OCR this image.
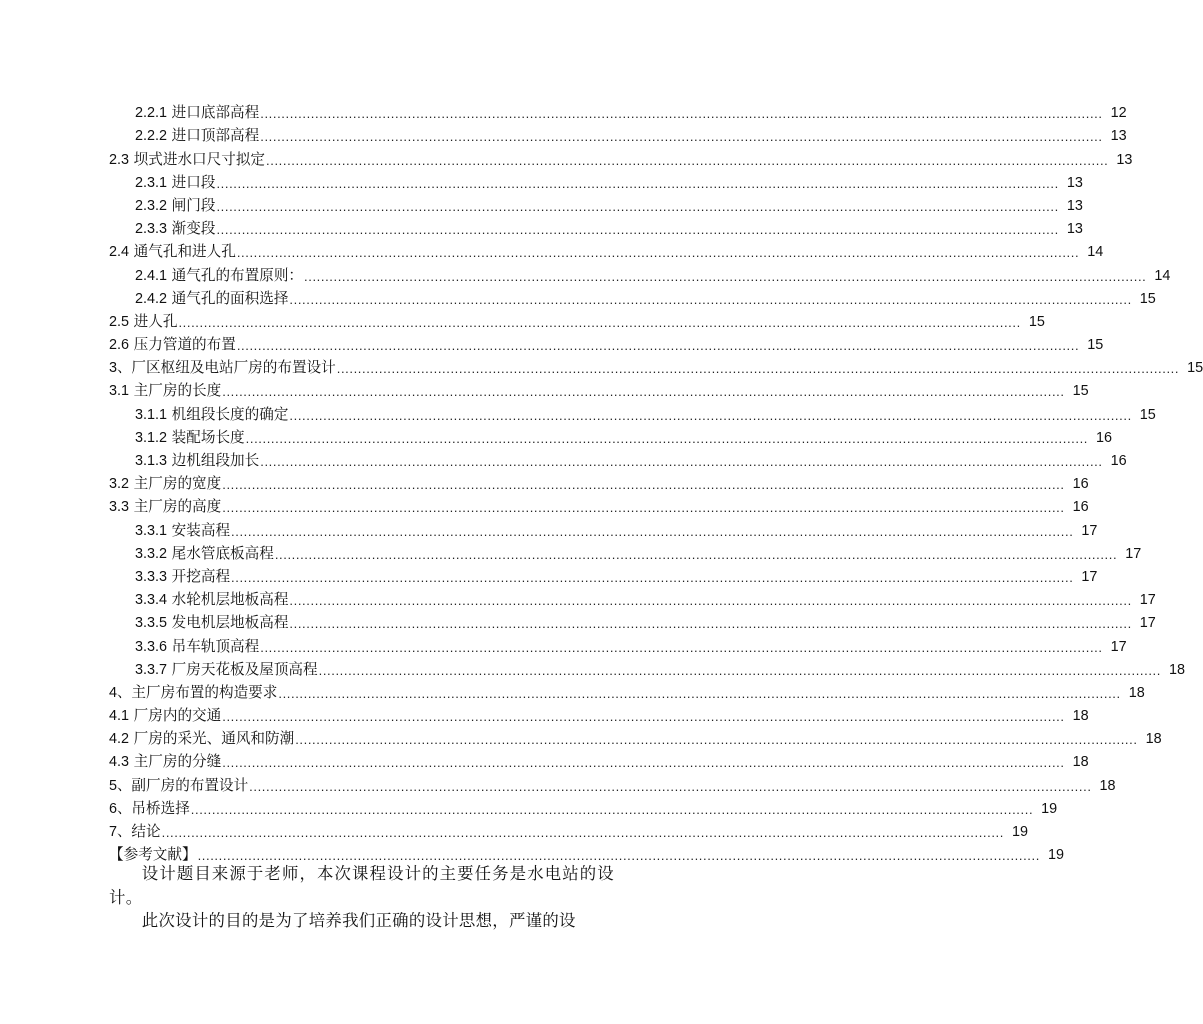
2.2.1 进口底部高程 ........................................................................................................................................................................................................ 12
2.2.2 进口顶部高程 ........................................................................................................................................................................................................ 13
2.3 坝式进水口尺寸拟定 ........................................................................................................................................................................................................ 13
2.3.1 进口段 ........................................................................................................................................................................................................ 13
2.3.2 闸门段 ........................................................................................................................................................................................................ 13
2.3.3 渐变段 ........................................................................................................................................................................................................ 13
2.4 通气孔和进人孔 ........................................................................................................................................................................................................ 14
2.4.1 通气孔的布置原则： ........................................................................................................................................................................................................ 14
2.4.2 通气孔的面积选择 ........................................................................................................................................................................................................ 15
2.5 进人孔 ........................................................................................................................................................................................................ 15
2.6 压力管道的布置 ........................................................................................................................................................................................................ 15
3、厂区枢纽及电站厂房的布置设计 ........................................................................................................................................................................................................ 15
3.1 主厂房的长度 ........................................................................................................................................................................................................ 15
3.1.1 机组段长度的确定 ........................................................................................................................................................................................................ 15
3.1.2 装配场长度 ........................................................................................................................................................................................................ 16
3.1.3 边机组段加长 ........................................................................................................................................................................................................ 16
3.2 主厂房的宽度 ........................................................................................................................................................................................................ 16
3.3 主厂房的高度 ........................................................................................................................................................................................................ 16
3.3.1 安装高程 ........................................................................................................................................................................................................ 17
3.3.2 尾水管底板高程 ........................................................................................................................................................................................................ 17
3.3.3 开挖高程 ........................................................................................................................................................................................................ 17
3.3.4 水轮机层地板高程 ........................................................................................................................................................................................................ 17
3.3.5 发电机层地板高程 ........................................................................................................................................................................................................ 17
3.3.6 吊车轨顶高程 ........................................................................................................................................................................................................ 17
3.3.7 厂房天花板及屋顶高程 ........................................................................................................................................................................................................ 18
4、主厂房布置的构造要求 ........................................................................................................................................................................................................ 18
4.1 厂房内的交通 ........................................................................................................................................................................................................ 18
4.2 厂房的采光、通风和防潮 ........................................................................................................................................................................................................ 18
4.3 主厂房的分缝 ........................................................................................................................................................................................................ 18
5、副厂房的布置设计 ........................................................................................................................................................................................................ 18
6、吊桥选择 ........................................................................................................................................................................................................ 19
7、结论 ........................................................................................................................................................................................................ 19
【参考文献】 ........................................................................................................................................................................................................ 19

设计题目来源于老师，本次课程设计的主要任务是水电站的设计。

此次设计的目的是为了培养我们正确的设计思想，严谨的设
